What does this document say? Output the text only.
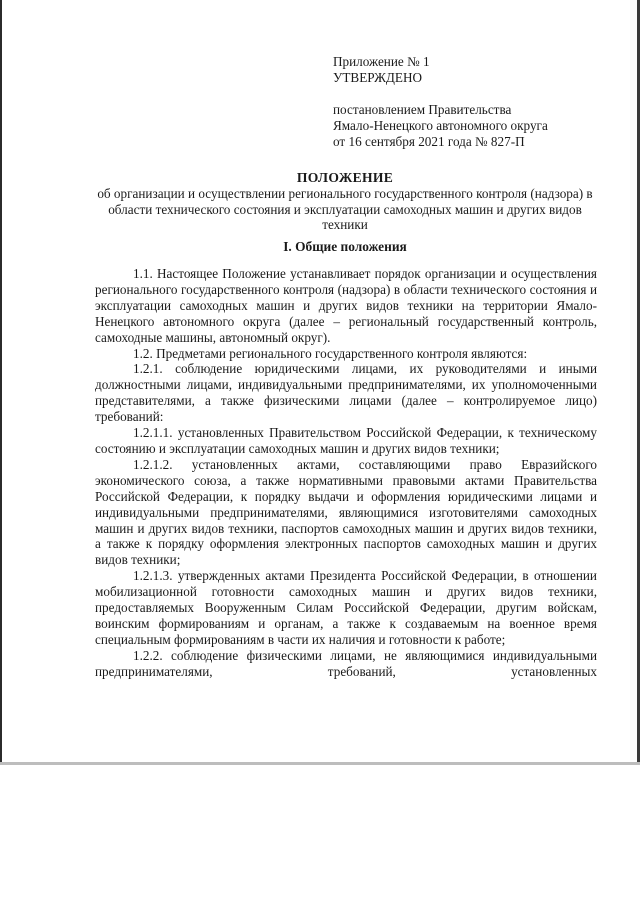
Приложение № 1
УТВЕРЖДЕНО
постановлением Правительства
Ямало-Ненецкого автономного округа
от 16 сентября 2021 года № 827-П
ПОЛОЖЕНИЕ
об организации и осуществлении регионального государственного контроля (надзора) в области технического состояния и эксплуатации самоходных машин и других видов техники
I. Общие положения

1.1. Настоящее Положение устанавливает порядок организации и осуществления регионального государственного контроля (надзора) в области технического состояния и эксплуатации самоходных машин и других видов техники на территории Ямало-Ненецкого автономного округа (далее – региональный государственный контроль, самоходные машины, автономный округ).

1.2. Предметами регионального государственного контроля являются:

1.2.1. соблюдение юридическими лицами, их руководителями и иными должностными лицами, индивидуальными предпринимателями, их уполномоченными представителями, а также физическими лицами (далее – контролируемое лицо) требований:

1.2.1.1. установленных Правительством Российской Федерации, к техническому состоянию и эксплуатации самоходных машин и других видов техники;

1.2.1.2. установленных актами, составляющими право Евразийского экономического союза, а также нормативными правовыми актами Правительства Российской Федерации, к порядку выдачи и оформления юридическими лицами и индивидуальными предпринимателями, являющимися изготовителями самоходных машин и других видов техники, паспортов самоходных машин и других видов техники, а также к порядку оформления электронных паспортов самоходных машин и других видов техники;

1.2.1.3. утвержденных актами Президента Российской Федерации, в отношении мобилизационной готовности самоходных машин и других видов техники, предоставляемых Вооруженным Силам Российской Федерации, другим войскам, воинским формированиям и органам, а также к создаваемым на военное время специальным формированиям в части их наличия и готовности к работе;

1.2.2. соблюдение физическими лицами, не являющимися индивидуальными предпринимателями, требований, установленных
